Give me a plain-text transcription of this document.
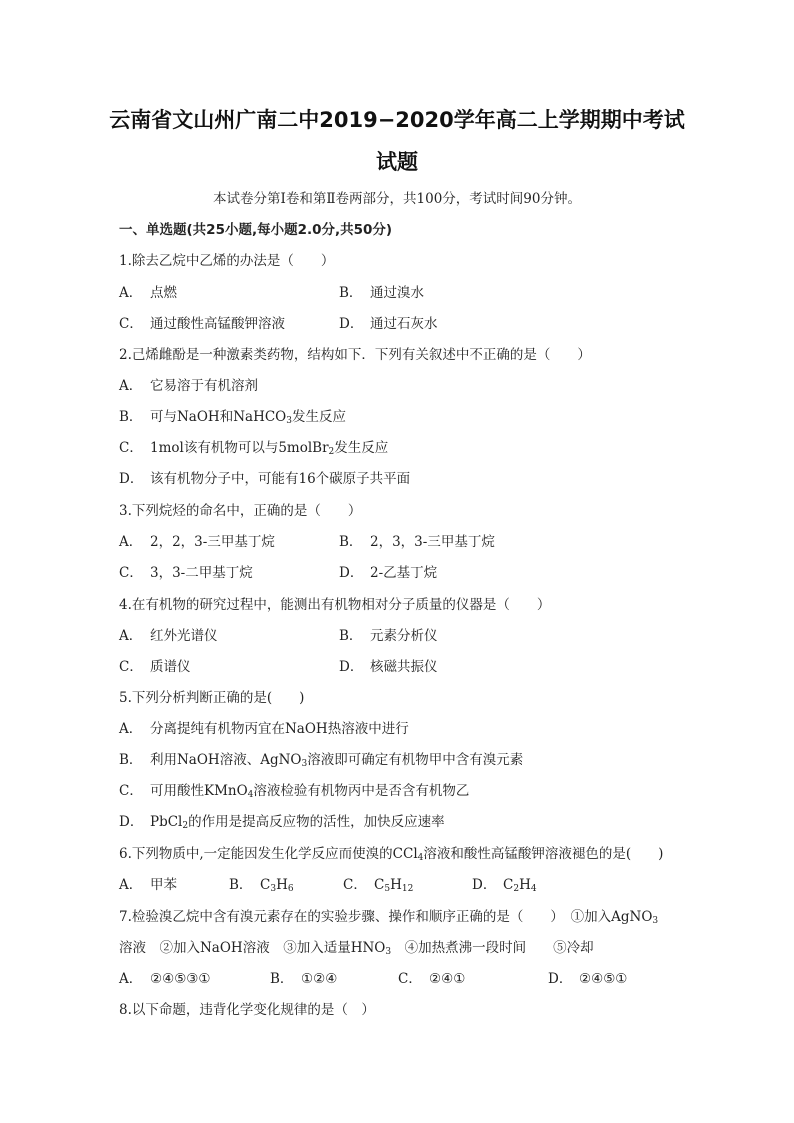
云南省文山州广南二中2019−2020学年高二上学期期中考试
试题
本试卷分第Ⅰ卷和第Ⅱ卷两部分，共100分，考试时间90分钟。
一、单选题(共25小题,每小题2.0分,共50分)
1.除去乙烷中乙烯的办法是（　　）
A． 点燃	B． 通过溴水
C． 通过酸性高锰酸钾溶液	D． 通过石灰水
2.己烯雌酚是一种激素类药物，结构如下．下列有关叙述中不正确的是（　　）
A． 它易溶于有机溶剂
B． 可与NaOH和NaHCO$_3$发生反应
C． 1mol该有机物可以与5molBr$_2$发生反应
D． 该有机物分子中，可能有16个碳原子共平面
3.下列烷烃的命名中，正确的是（　　）
A． 2，2，3-三甲基丁烷	B． 2，3，3-三甲基丁烷
C． 3，3-二甲基丁烷	D． 2-乙基丁烷
4.在有机物的研究过程中，能测出有机物相对分子质量的仪器是（　　）
A． 红外光谱仪	B． 元素分析仪
C． 质谱仪	D． 核磁共振仪
5.下列分析判断正确的是(　　)
A． 分离提纯有机物丙宜在NaOH热溶液中进行
B． 利用NaOH溶液、AgNO$_3$溶液即可确定有机物甲中含有溴元素
C． 可用酸性KMnO$_4$溶液检验有机物丙中是否含有机物乙
D． PbCl$_2$的作用是提高反应物的活性，加快反应速率
6.下列物质中,一定能因发生化学反应而使溴的CCl$_4$溶液和酸性高锰酸钾溶液褪色的是(　　)
A． 甲苯	B． $C_3H_6$	C． $C_5H_{12}$	D． $C_2H_4$
7.检验溴乙烷中含有溴元素存在的实验步骤、操作和顺序正确的是（　　）　①加入AgNO$_3$
溶液　②加入NaOH溶液　③加入适量$HNO_3$　④加热煮沸一段时间　　⑤冷却
A． ②④⑤③①	B． ①②④	C． ②④①	D． ②④⑤①
8.以下命题，违背化学变化规律的是（　）
